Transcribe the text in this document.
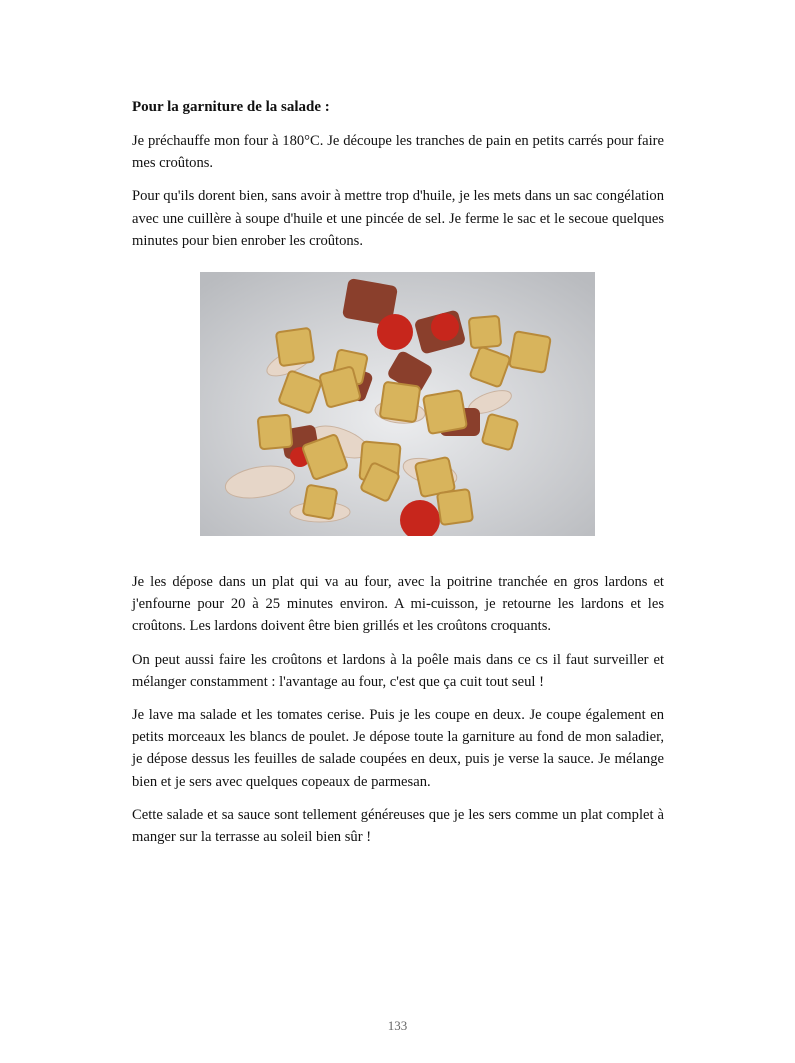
Pour la garniture de la salade :

Je préchauffe mon four à 180°C. Je découpe les tranches de pain en petits carrés pour faire mes croûtons.

Pour qu'ils dorent bien, sans avoir à mettre trop d'huile, je les mets dans un sac congélation avec une cuillère à soupe d'huile et une pincée de sel. Je ferme le sac et le secoue quelques minutes pour bien enrober les croûtons.

Je les dépose dans un plat qui va au four, avec la poitrine tranchée en gros lardons et j'enfourne pour 20 à 25 minutes environ. A mi-cuisson, je retourne les lardons et les croûtons. Les lardons doivent être bien grillés et les croûtons croquants.

On peut aussi faire les croûtons et lardons à la poêle mais dans ce cs il faut surveiller et mélanger constamment : l'avantage au four, c'est que ça cuit tout seul !

Je lave ma salade et les tomates cerise. Puis je les coupe en deux. Je coupe également en petits morceaux les blancs de poulet. Je dépose toute la garniture au fond de mon saladier, je dépose dessus les feuilles de salade coupées en deux, puis je verse la sauce. Je mélange bien et je sers avec quelques copeaux de parmesan.

Cette salade et sa sauce sont tellement généreuses que je les sers comme un plat complet à manger sur la terrasse au soleil bien sûr !

133
